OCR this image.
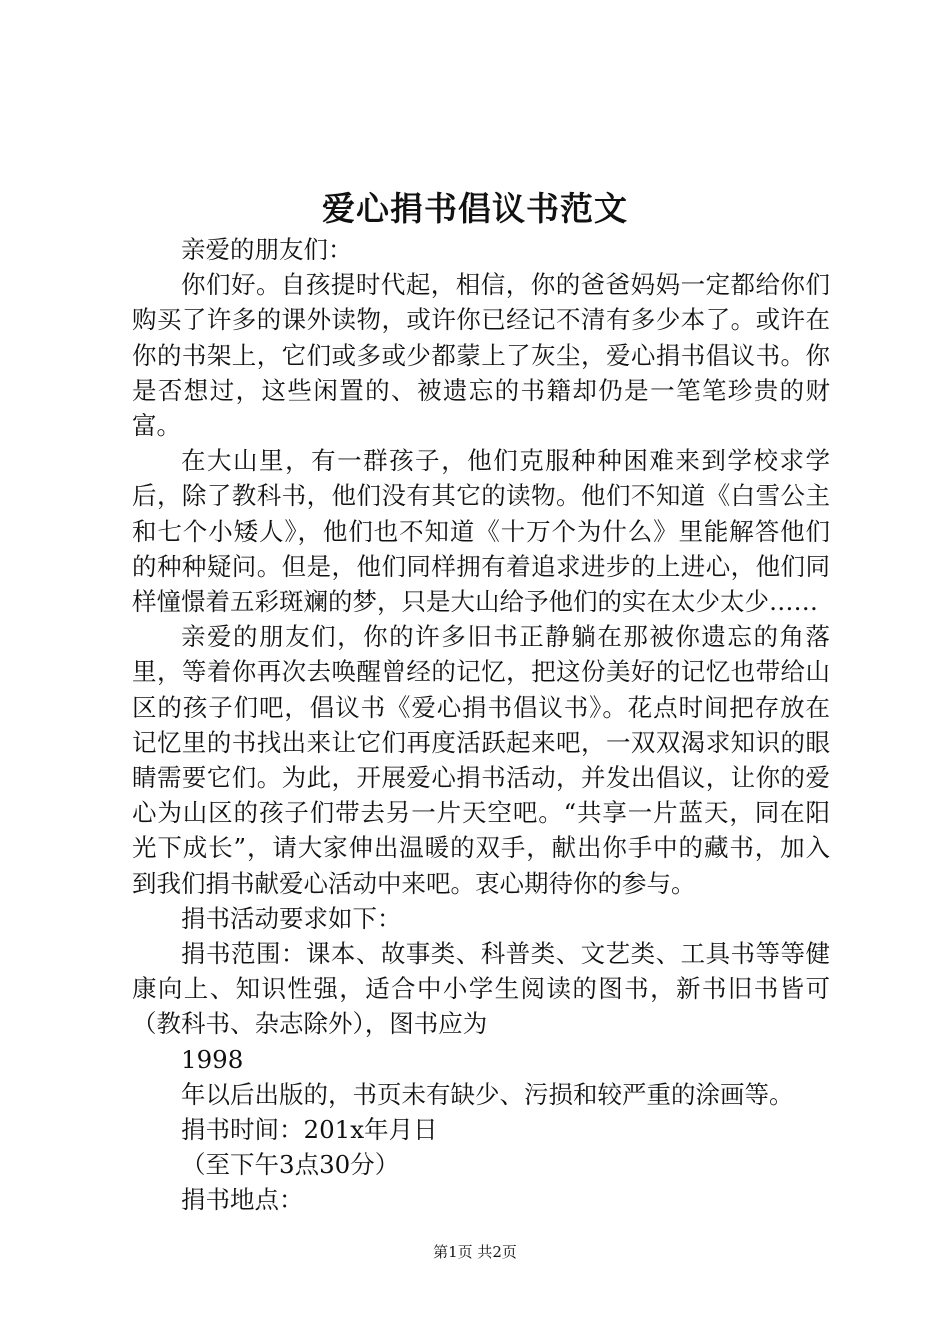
爱心捐书倡议书范文

亲爱的朋友们：

你们好。自孩提时代起，相信，你的爸爸妈妈一定都给你们购买了许多的课外读物，或许你已经记不清有多少本了。或许在你的书架上，它们或多或少都蒙上了灰尘，爱心捐书倡议书。你是否想过，这些闲置的、被遗忘的书籍却仍是一笔笔珍贵的财富。

在大山里，有一群孩子，他们克服种种困难来到学校求学后，除了教科书，他们没有其它的读物。他们不知道《白雪公主和七个小矮人》，他们也不知道《十万个为什么》里能解答他们的种种疑问。但是，他们同样拥有着追求进步的上进心，他们同样憧憬着五彩斑斓的梦，只是大山给予他们的实在太少太少……

亲爱的朋友们，你的许多旧书正静躺在那被你遗忘的角落里，等着你再次去唤醒曾经的记忆，把这份美好的记忆也带给山区的孩子们吧，倡议书《爱心捐书倡议书》。花点时间把存放在记忆里的书找出来让它们再度活跃起来吧，一双双渴求知识的眼睛需要它们。为此，开展爱心捐书活动，并发出倡议，让你的爱心为山区的孩子们带去另一片天空吧。“共享一片蓝天，同在阳光下成长”，请大家伸出温暖的双手，献出你手中的藏书，加入到我们捐书献爱心活动中来吧。衷心期待你的参与。

捐书活动要求如下：

捐书范围：课本、故事类、科普类、文艺类、工具书等等健康向上、知识性强，适合中小学生阅读的图书，新书旧书皆可（教科书、杂志除外），图书应为

1998

年以后出版的，书页未有缺少、污损和较严重的涂画等。

捐书时间：201x年月日

（至下午3点30分）

捐书地点：

第1页 共2页
